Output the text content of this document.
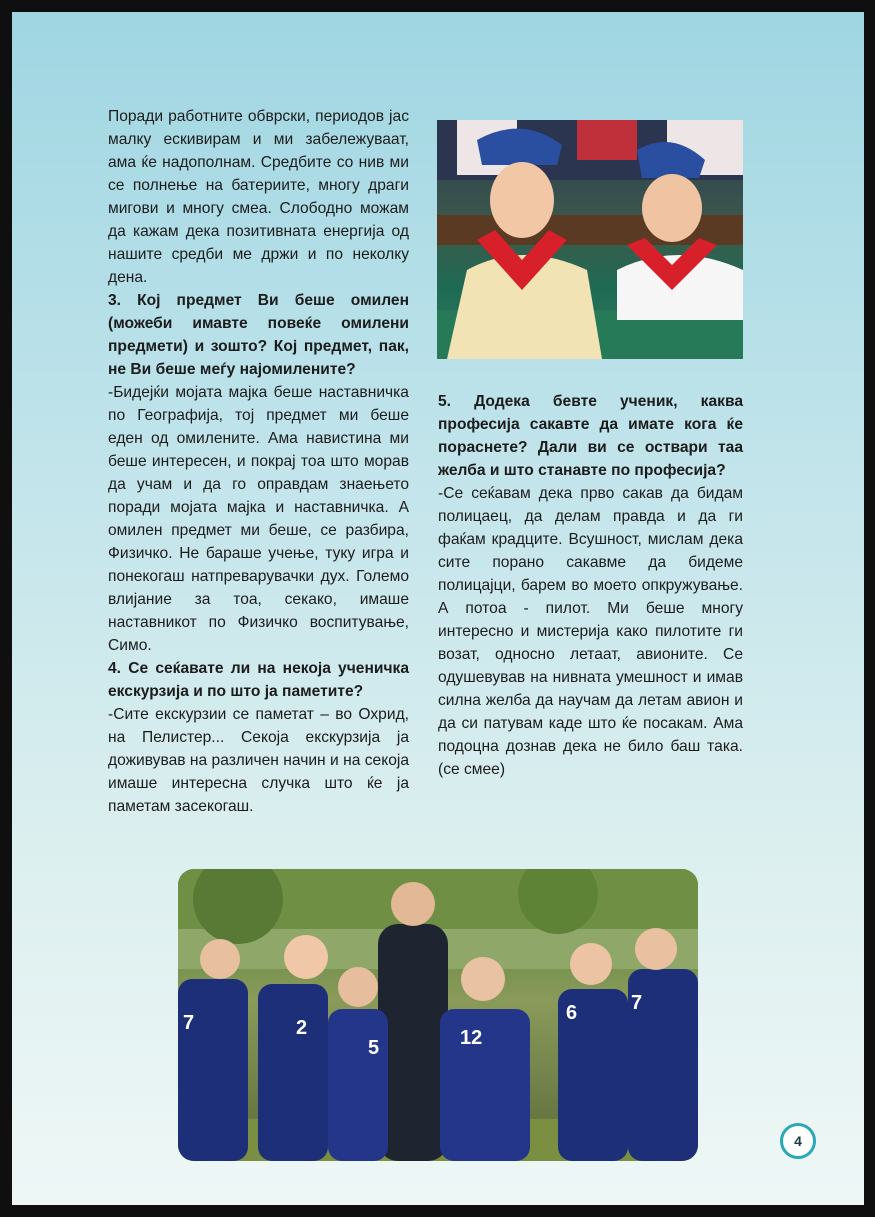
Поради работните обврски, периодов јас малку ескивирам и ми забележуваат, ама ќе надополнам. Средбите со нив ми се полнење на батериите, многу драги мигови и многу смеа. Слободно можам да кажам дека позитивната енергија од нашите средби ме држи и по неколку дена.

3. Кој предмет Ви беше омилен (можеби имавте повеќе омилени предмети) и зошто? Кој предмет, пак, не Ви беше меѓу најомилените?

-Бидејќи мојата мајка беше наставничка по Географија, тој предмет ми беше еден од омилените. Ама навистина ми беше интересен, и покрај тоа што морав да учам и да го оправдам знаењето поради мојата мајка и наставничка. А омилен предмет ми беше, се разбира, Физичко. Не бараше учење, туку игра и понекогаш натпреварувачки дух. Големо влијание за тоа, секако, имаше наставникот по Физичко воспитување, Симо.

4. Се сеќавате ли на некоја ученичка екскурзија и по што ја паметите?

-Сите екскурзии се паметат – во Охрид, на Пелистер... Секоја екскурзија ја доживував на различен начин и на секоја имаше интересна случка што ќе ја паметам засекогаш.

5. Додека бевте ученик, каква професија сакавте да имате кога ќе пораснете? Дали ви се оствари таа желба и што станавте по професија?

-Се сеќавам дека прво сакав да бидам полицаец, да делам правда и да ги фаќам крадците. Всушност, мислам дека сите порано сакавме да бидеме полицајци, барем во моето опкружување. А потоа - пилот. Ми беше многу интересно и мистерија како пилотите ги возат, односно летаат, авионите. Се одушевував на нивната умешност и имав силна желба да научам да летам авион и да си патувам каде што ќе посакам. Ама подоцна дознав дека не било баш така. (се смее)

7	2
5	12
6	7
4
